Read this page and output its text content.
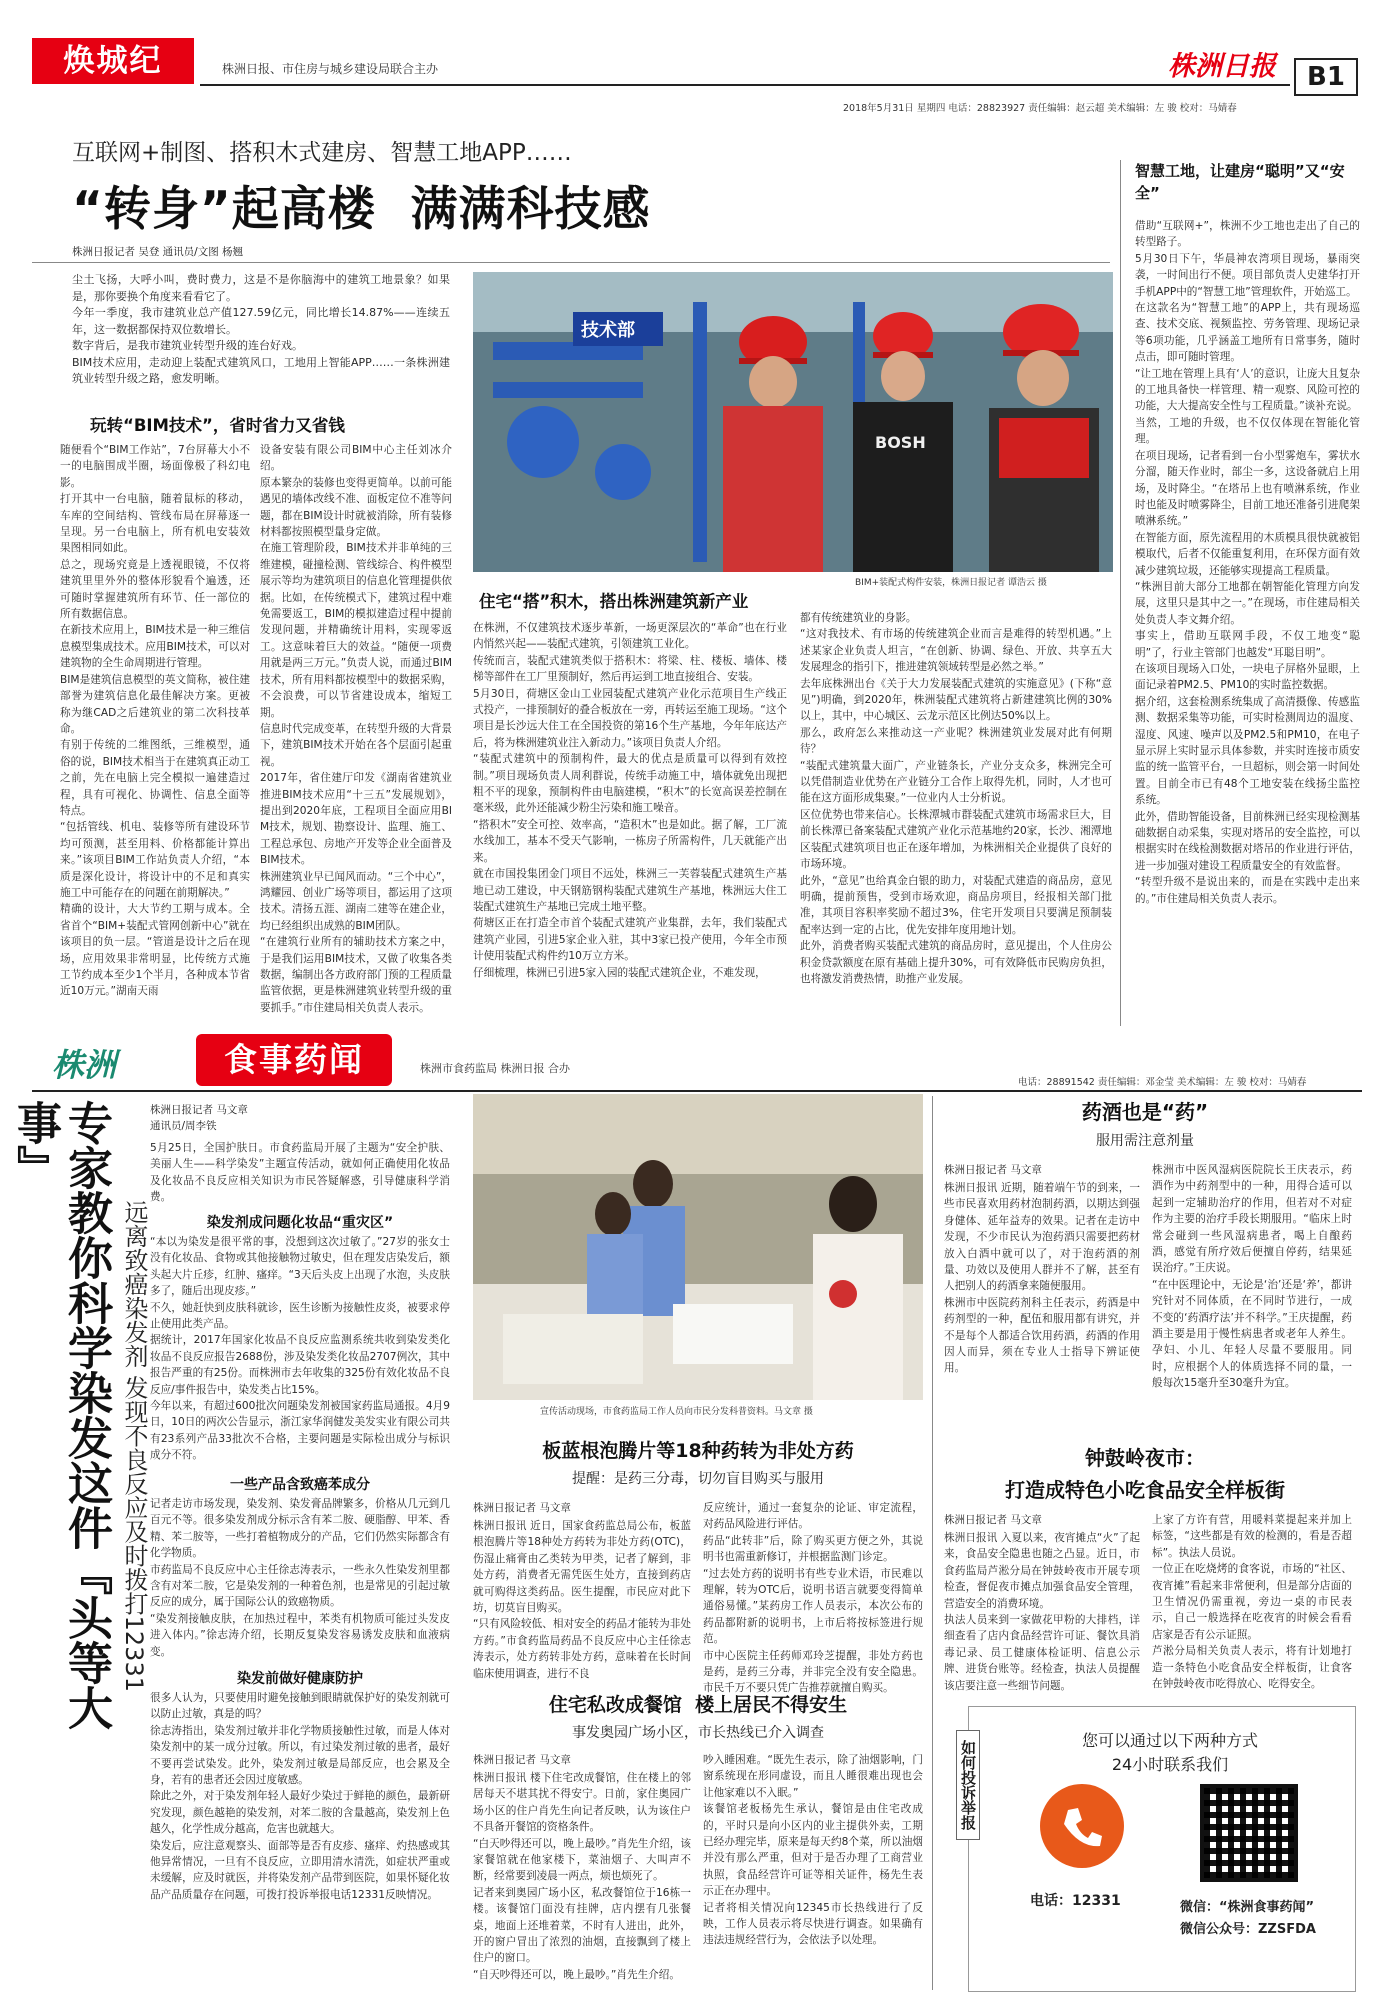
焕城纪	株洲日报、市住房与城乡建设局联合主办	株洲日报	B1
2018年5月31日 星期四 电话：28823927 责任编辑：赵云超 美术编辑：左 骏 校对：马婧春
互联网+制图、搭积木式建房、智慧工地APP……
“转身”起高楼  满满科技感
株洲日报记者 吴登 通讯员/文图 杨翘
尘土飞扬，大呼小叫，费时费力，这是不是你脑海中的建筑工地景象？如果是，那你要换个角度来看看它了。
今年一季度，我市建筑业总产值127.59亿元，同比增长14.87%——连续五年，这一数据都保持双位数增长。
数字背后，是我市建筑业转型升级的连台好戏。
BIM技术应用，走动迎上装配式建筑风口，工地用上智能APP……一条株洲建筑业转型升级之路，愈发明晰。
技术部
BOSH
BIM+装配式构件安装，株洲日报记者 谭浩云 摄
玩转“BIM技术”，省时省力又省钱
随便看个“BIM工作站”，7台屏幕大小不一的电脑围成半圈，场面像极了科幻电影。
打开其中一台电脑，随着鼠标的移动，车库的空间结构、管线布局在屏幕逐一呈现。另一台电脑上，所有机电安装效果图相同如此。
总之，现场究竟是上透视眼镜，不仅将建筑里里外外的整体形貌看个遍透，还可随时掌握建筑所有环节、任一部位的所有数据信息。
在新技术应用上，BIM技术是一种三维信息模型集成技术。应用BIM技术，可以对建筑物的全生命周期进行管理。
BIM是建筑信息模型的英文简称，被住建部誉为建筑信息化最佳解决方案。更被称为继CAD之后建筑业的第二次科技革命。
有别于传统的二维图纸，三维模型，通俗的说，BIM技术相当于在建筑真正动工之前，先在电脑上完全模拟一遍建造过程，具有可视化、协调性、信息全面等特点。
“包括管线、机电、装修等所有建设环节均可预测，甚至用料、价格都能计算出来。”该项目BIM工作站负责人介绍，“本质是深化设计，将设计中的不足和真实施工中可能存在的问题在前期解决。”
精确的设计，大大节约工期与成本。全省首个“BIM+装配式管网创新中心”就在该项目的负一层。“管道是设计之后在现场，应用效果非常明显，比传统方式施工节约成本至少1个半月，各种成本节省近10万元。”湖南天雨
设备安装有限公司BIM中心主任刘冰介绍。
原本繁杂的装修也变得更简单。以前可能遇见的墙体改线不准、面板定位不准等问题，都在BIM设计时就被消除，所有装修材料都按照模型量身定做。
在施工管理阶段，BIM技术并非单纯的三维建模，碰撞检测、管线综合、构件模型展示等均为建筑项目的信息化管理提供依据。比如，在传统模式下，建筑过程中难免需要返工，BIM的模拟建造过程中提前发现问题，并精确统计用料，实现零返工。这意味着巨大的效益。“随便一项费用就是两三万元。”负责人说，而通过BIM技术，所有用料都按模型中的数据采购，不会浪费，可以节省建设成本，缩短工期。
信息时代完成变革，在转型升级的大背景下，建筑BIM技术开始在各个层面引起重视。
2017年，省住建厅印发《湖南省建筑业推进BIM技术应用“十三五”发展规划》，提出到2020年底，工程项目全面应用BIM技术，规划、勘察设计、监理、施工、工程总承包、房地产开发等企业全面普及BIM技术。
株洲建筑业早已闻风而动。“三个中心”，鸿耀园、创业广场等项目，都运用了这项技术。清扬五涯、湖南二建等在建企业，均已经组织出成熟的BIM团队。
“在建筑行业所有的辅助技术方案之中，于是我们运用BIM技术，又做了收集各类数据，编制出各方政府部门预的工程质量监管依据，更是株洲建筑业转型升级的重要抓手。”市住建局相关负责人表示。
住宅“搭”积木，搭出株洲建筑新产业
在株洲，不仅建筑技术逐步革新，一场更深层次的“革命”也在行业内悄然兴起——装配式建筑，引领建筑工业化。
传统而言，装配式建筑类似于搭积木：将梁、柱、楼板、墙体、楼梯等部件在工厂里预制好，然后再运到工地直接组合、安装。
5月30日，荷塘区金山工业园装配式建筑产业化示范项目生产线正式投产，一排预制好的叠合板放在一旁，再转运至施工现场。“这个项目是长沙远大住工在全国投资的第16个生产基地，今年年底达产后，将为株洲建筑业注入新动力。”该项目负责人介绍。
“装配式建筑中的预制构件，最大的优点是质量可以得到有效控制。”项目现场负责人周利群说，传统手动施工中，墙体就免出现把粗不平的现象，预制构件由电脑建模，“积木”的长宽高误差控制在毫米级，此外还能减少粉尘污染和施工噪音。
“搭积木”安全可控、效率高，“造积木”也是如此。据了解，工厂流水线加工，基本不受天气影响，一栋房子所需构件，几天就能产出来。
就在市国投集团金门项目不远处，株洲三一芙蓉装配式建筑生产基地已动工建设，中天钢筋钢构装配式建筑生产基地，株洲远大住工装配式建筑生产基地已完成土地平整。
荷塘区正在打造全市首个装配式建筑产业集群，去年，我们装配式建筑产业园，引进5家企业入驻，其中3家已投产使用，今年全市预计使用装配式构件约10万立方米。
仔细梳理，株洲已引进5家入园的装配式建筑企业，不难发现，
都有传统建筑业的身影。
“这对我技术、有市场的传统建筑企业而言是难得的转型机遇。”上述某家企业负责人坦言，“在创新、协调、绿色、开放、共享五大发展理念的指引下，推进建筑领域转型是必然之举。”
去年底株洲出台《关于大力发展装配式建筑的实施意见》(下称“意见”)明确，到2020年，株洲装配式建筑将占新建建筑比例的30%以上，其中，中心城区、云龙示范区比例达50%以上。
那么，政府怎么来推动这一产业呢？株洲建筑业发展对此有何期待？
“装配式建筑量大面广，产业链条长，产业分支众多，株洲完全可以凭借制造业优势在产业链分工合作上取得先机，同时，人才也可能在这方面形成集聚。”一位业内人士分析说。
区位优势也带来信心。长株潭城市群装配式建筑市场需求巨大，目前长株潭已备案装配式建筑产业化示范基地约20家，长沙、湘潭地区装配式建筑项目也正在逐年增加，为株洲相关企业提供了良好的市场环境。
此外，“意见”也给真金白银的助力，对装配式建造的商品房，意见明确，提前预售，受到市场欢迎，商品房项目，经报相关部门批准，其项目容积率奖励不超过3%，住宅开发项目只要满足预制装配率达到一定的占比，优先安排年度用地计划。
此外，消费者购买装配式建筑的商品房时，意见提出，个人住房公积金贷款额度在原有基础上提升30%，可有效降低市民购房负担，也将激发消费热情，助推产业发展。
智慧工地，让建房“聪明”又“安全”
借助“互联网+”，株洲不少工地也走出了自己的转型路子。
5月30日下午，华晨神农湾项目现场，暴雨突袭，一时间出行不便。项目部负责人史建华打开手机APP中的“智慧工地”管理软件，开始巡工。
在这款名为“智慧工地”的APP上，共有现场巡查、技术交底、视频监控、劳务管理、现场记录等6项功能，几乎涵盖工地所有日常事务，随时点击，即可随时管理。
“让工地在管理上具有‘人’的意识，让庞大且复杂的工地具备快一样管理、精一观察、风险可控的功能，大大提高安全性与工程质量。”谈补充说。
当然，工地的升级，也不仅仅体现在智能化管理。
在项目现场，记者看到一台小型雾炮车，雾状水分溜，随天作业时，部尘一多，这设备就启上用场，及时降尘。“在塔吊上也有喷淋系统，作业时也能及时喷雾降尘，目前工地还准备引进爬架喷淋系统。”
在智能方面，原先流程用的木质模具很快就被铝模取代，后者不仅能重复利用，在环保方面有效减少建筑垃圾，还能够实现提高工程质量。
“株洲目前大部分工地都在朝智能化管理方向发展，这里只是其中之一。”在现场，市住建局相关处负责人李文舞介绍。
事实上，借助互联网手段，不仅工地变“聪明”了，行业主管部门也越发“耳聪目明”。
在该项目现场入口处，一块电子屏格外显眼，上面记录着PM2.5、PM10的实时监控数据。
据介绍，这套检测系统集成了高清摄像、传感监测、数据采集等功能，可实时检测周边的温度、湿度、风速、噪声以及PM2.5和PM10，在电子显示屏上实时显示具体参数，并实时连接市质安监的统一监管平台，一旦超标，则会第一时间处置。目前全市已有48个工地安装在线扬尘监控系统。
此外，借助智能设备，目前株洲已经实现检测基础数据自动采集，实现对塔吊的安全监控，可以根据实时在线检测数据对塔吊的作业进行评估，进一步加强对建设工程质量安全的有效监督。
“转型升级不是说出来的，而是在实践中走出来的。”市住建局相关负责人表示。
株洲	食事药闻	株洲市食药监局 株洲日报 合办
电话：28891542 责任编辑：邓金莹 美术编辑：左 骏 校对：马婧春
专家教你科学染发这件『头等大事』
远离致癌染发剂 发现不良反应及时拨打12331
株洲日报记者 马文章
通讯员/周李铁
5月25日，全国护肤日。市食药监局开展了主题为“安全护肤、美丽人生——科学染发”主题宣传活动，就如何正确使用化妆品及化妆品不良反应相关知识为市民答疑解惑，引导健康科学消费。
染发剂成问题化妆品“重灾区”
“本以为染发是很平常的事，没想到这次过敏了。”27岁的张女士没有化妆品、食物或其他接触物过敏史，但在理发店染发后，额头起大片丘疹，红肿、瘙痒。“3天后头皮上出现了水泡，头皮肤多了，随后出现皮疹。”
不久，她赶快到皮肤科就诊，医生诊断为接触性皮炎，被要求停止使用此类产品。
据统计，2017年国家化妆品不良反应监测系统共收到染发类化妆品不良反应报告2688份，涉及染发类化妆品2707例次，其中报告严重的有25份。而株洲市去年收集的325份有效化妆品不良反应/事件报告中，染发类占比15%。
今年以来，有超过600批次问题染发剂被国家药监局通报。4月9日，10日的两次公告显示，浙江家华润健发美发实业有限公司共有23系列产品33批次不合格，主要问题是实际检出成分与标识成分不符。
一些产品含致癌苯成分
记者走访市场发现，染发剂、染发膏品牌繁多，价格从几元到几百元不等。很多染发剂成分标示含有苯二胺、硬脂醇、甲苯、香精、苯二胺等，一些打着植物成分的产品，它们仍然实际都含有化学物质。
市药监局不良反应中心主任徐志涛表示，一些永久性染发剂里都含有对苯二胺，它是染发剂的一种着色剂，也是常见的引起过敏反应的成分，属于国际公认的致癌物质。
“染发剂接触皮肤，在加热过程中，苯类有机物质可能过头发皮进入体内。”徐志涛介绍，长期反复染发容易诱发皮肤和血液病变。
染发前做好健康防护
很多人认为，只要使用时避免接触到眼睛就保护好的染发剂就可以防止过敏，真是的吗？
徐志涛指出，染发剂过敏并非化学物质接触性过敏，而是人体对染发剂中的某一成分过敏。所以，有过染发剂过敏的患者，最好不要再尝试染发。此外，染发剂过敏是局部反应，也会累及全身，若有的患者还会因过度敏感。
除此之外，对于染发剂年轻人最好少染过于鲜艳的颜色，最新研究发现，颜色越艳的染发剂，对苯二胺的含量越高，染发剂上色越久，化学性成分越高，危害也就越大。
染发后，应注意观察头、面部等是否有皮疹、瘙痒、灼热感或其他异常情况，一旦有不良反应，立即用清水清洗，如症状严重或未缓解，应及时就医，并将染发剂产品带到医院，如果怀疑化妆品产品质量存在问题，可拨打投诉举报电话12331反映情况。
宣传活动现场，市食药监局工作人员向市民分发科普资料。马文章 摄
板蓝根泡腾片等18种药转为非处方药
提醒：是药三分毒，切勿盲目购买与服用
株洲日报记者 马文章
株洲日报讯 近日，国家食药监总局公布，板蓝根泡腾片等18种处方药转为非处方药(OTC)，伤湿止痛膏由乙类转为甲类，记者了解到，非处方药，消费者无需凭医生处方，直接到药店就可购得这类药品。医生提醒，市民应对此下坊，切莫盲目购买。
“只有风险较低、相对安全的药品才能转为非处方药。”市食药监局药品不良反应中心主任徐志涛表示，处方药转非处方药，意味着在长时间临床使用调查，进行不良
反应统计，通过一套复杂的论证、审定流程，对药品风险进行评估。
药品“此转非”后，除了购买更方便之外，其说明书也需重新修订，并根据监测门诊定。
“过去处方药的说明书有些专业术语，市民难以理解，转为OTC后，说明书语言就要变得简单通俗易懂。”某药房工作人员表示，本次公布的药品都附新的说明书，上市后将按标签进行规范。
市中心医院主任药师邓玲芝提醒，非处方药也是药，是药三分毒，并非完全没有安全隐患。市民千万不要只凭广告推荐就擅自购买。
住宅私改成餐馆  楼上居民不得安生
事发奥园广场小区，市长热线已介入调查
株洲日报记者 马文章
株洲日报讯 楼下住宅改成餐馆，住在楼上的邻居每天不堪其扰不得安宁。日前，家住奥园广场小区的住户肖先生向记者反映，认为该住户不具备开餐馆的资格条件。
“白天吵得还可以，晚上最吵。”肖先生介绍，该家餐馆就在他家楼下，菜油烟子、大叫声不断，经常要到凌晨一两点，烦也烦死了。
记者来到奥园广场小区，私改餐馆位于16栋一楼。该餐馆门面没有挂牌，店内摆有几张餐桌，地面上还堆着菜，不时有人进出，此外，开的窗户冒出了浓烈的油烟，直接飘到了楼上住户的窗口。
“自天吵得还可以，晚上最吵。”肖先生介绍。
吵入睡困难。“既先生表示，除了油烟影响，门窗系统现在形同虚设，而且人睡很难出现也会让他家难以不入眠。”
该餐馆老板杨先生承认，餐馆是由住宅改成的，平时只是向小区内的业主提供外卖，工期已经办理完毕，原来是每天约8个菜，所以油烟并没有那么严重，但对于是否办理了工商营业执照，食品经营许可证等相关证件，杨先生表示正在办理中。
记者将相关情况向12345市长热线进行了反映，工作人员表示将尽快进行调查。如果确有违法违规经营行为，会依法予以处理。
药酒也是“药”
服用需注意剂量
株洲日报记者 马文章
株洲日报讯 近期，随着端午节的到来，一些市民喜欢用药材泡制药酒，以期达到强身健体、延年益寿的效果。记者在走访中发现，不少市民认为泡药酒只需要把药材放入白酒中就可以了，对于泡药酒的剂量、功效以及使用人群并不了解，甚至有人把别人的药酒拿来随便服用。
株洲市中医院药剂科主任表示，药酒是中药剂型的一种，配伍和服用都有讲究，并不是每个人都适合饮用药酒，药酒的作用因人而异，须在专业人士指导下辨证使用。
株洲市中医风湿病医院院长王庆表示，药酒作为中药剂型中的一种，用得合适可以起到一定辅助治疗的作用，但若对不对症作为主要的治疗手段长期服用。“临床上时常会碰到一些风湿病患者，喝上自酿药酒，感觉有所疗效后便擅自停药，结果延误治疗。”王庆说。
“在中医理论中，无论是‘治’还是‘养’，都讲究针对不同体质，在不同时节进行，一成不变的‘药酒疗法’并不科学。”王庆提醒，药酒主要是用于慢性病患者或老年人养生。孕妇、小儿、年轻人尽量不要服用。同时，应根据个人的体质选择不同的量，一般每次15毫升至30毫升为宜。
钟鼓岭夜市：
打造成特色小吃食品安全样板街
株洲日报记者 马文章
株洲日报讯 入夏以来，夜宵摊点“火”了起来，食品安全隐患也随之凸显。近日，市食药监局芦淞分局在钟鼓岭夜市开展专项检查，督促夜市摊点加强食品安全管理，营造安全的消费环境。
执法人员来到一家做花甲粉的大排档，详细查看了店内食品经营许可证、餐饮具消毒记录、员工健康体检证明、信息公示牌、进货台账等。经检查，执法人员提醒该店要注意一些细节问题。
上家了方许有营，用暖料菜提起来并加上标签，“这些都是有效的检测的，看是否超标”。执法人员说。
一位正在吃烧烤的食客说，市场的“社区、夜宵摊”看起来非常便利，但是部分店面的卫生情况仍需重视，旁边一桌的市民表示，自己一般选择在吃夜宵的时候会看看店家是否有公示证照。
芦淞分局相关负责人表示，将有计划地打造一条特色小吃食品安全样板街，让食客在钟鼓岭夜市吃得放心、吃得安全。
如何投诉举报	您可以通过以下两种方式
24小时联系我们
电话：12331	微信：“株洲食事药闻”
微信公众号：ZZSFDA
